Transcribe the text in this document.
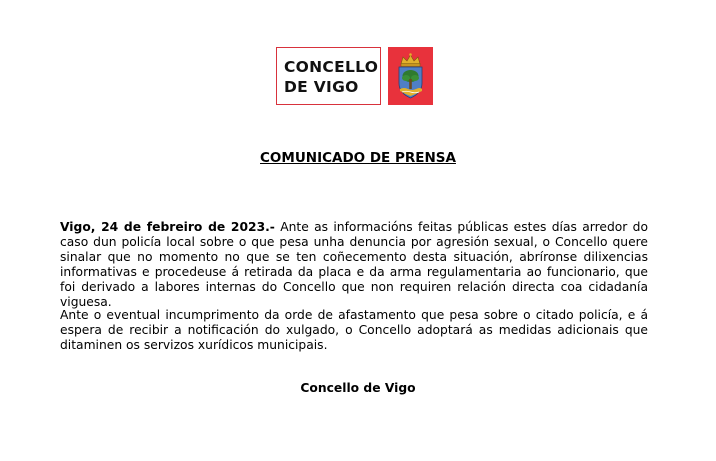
CONCELLO
DE VIGO
COMUNICADO DE PRENSA
Vigo, 24 de febreiro de 2023.- Ante as informacións feitas públicas estes días arredor do caso dun policía local sobre o que pesa unha denuncia por agresión sexual, o Concello quere sinalar que no momento no que se ten coñecemento desta situación, abríronse dilixencias informativas e procedeuse á retirada da placa e da arma regulamentaria ao funcionario, que foi derivado a labores internas do Concello que non requiren relación directa coa cidadanía viguesa.
Ante o eventual incumprimento da orde de afastamento que pesa sobre o citado policía, e á espera de recibir a notificación do xulgado, o Concello adoptará as medidas adicionais que ditaminen os servizos xurídicos municipais.
Concello de Vigo
